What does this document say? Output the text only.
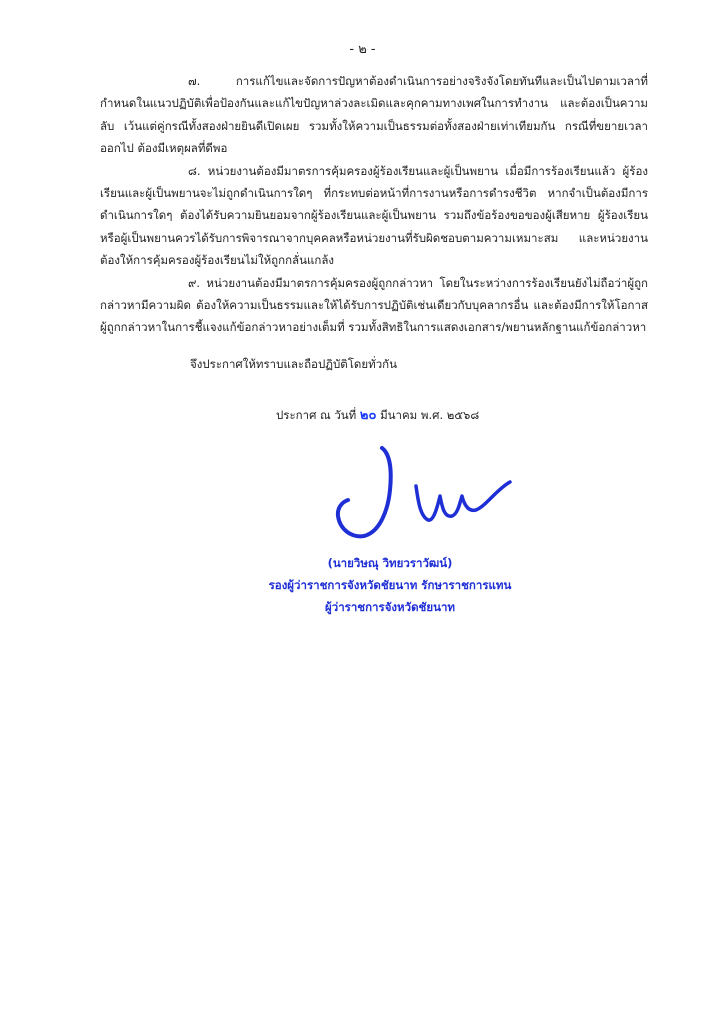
- ๒ -

๗. การแก้ไขและจัดการปัญหาต้องดำเนินการอย่างจริงจังโดยทันทีและเป็นไปตามเวลาที่กำหนดในแนวปฏิบัติเพื่อป้องกันและแก้ไขปัญหาล่วงละเมิดและคุกคามทางเพศในการทำงาน และต้องเป็นความลับ เว้นแต่คู่กรณีทั้งสองฝ่ายยินดีเปิดเผย รวมทั้งให้ความเป็นธรรมต่อทั้งสองฝ่ายเท่าเทียมกัน กรณีที่ขยายเวลาออกไป ต้องมีเหตุผลที่ดีพอ

๘. หน่วยงานต้องมีมาตรการคุ้มครองผู้ร้องเรียนและผู้เป็นพยาน เมื่อมีการร้องเรียนแล้ว ผู้ร้องเรียนและผู้เป็นพยานจะไม่ถูกดำเนินการใดๆ ที่กระทบต่อหน้าที่การงานหรือการดำรงชีวิต หากจำเป็นต้องมีการดำเนินการใดๆ ต้องได้รับความยินยอมจากผู้ร้องเรียนและผู้เป็นพยาน รวมถึงข้อร้องขอของผู้เสียหาย ผู้ร้องเรียนหรือผู้เป็นพยานควรได้รับการพิจารณาจากบุคคลหรือหน่วยงานที่รับผิดชอบตามความเหมาะสม และหน่วยงานต้องให้การคุ้มครองผู้ร้องเรียนไม่ให้ถูกกลั่นแกล้ง

๙. หน่วยงานต้องมีมาตรการคุ้มครองผู้ถูกกล่าวหา โดยในระหว่างการร้องเรียนยังไม่ถือว่าผู้ถูกกล่าวหามีความผิด ต้องให้ความเป็นธรรมและให้ได้รับการปฏิบัติเช่นเดียวกับบุคลากรอื่น และต้องมีการให้โอกาสผู้ถูกกล่าวหาในการชี้แจงแก้ข้อกล่าวหาอย่างเต็มที่ รวมทั้งสิทธิในการแสดงเอกสาร/พยานหลักฐานแก้ข้อกล่าวหา

จึงประกาศให้ทราบและถือปฏิบัติโดยทั่วกัน
ประกาศ ณ วันที่ ๒๐ มีนาคม พ.ศ. ๒๕๖๘
(นายวิษณุ วิทยวราวัฒน์)
รองผู้ว่าราชการจังหวัดชัยนาท รักษาราชการแทน
ผู้ว่าราชการจังหวัดชัยนาท
